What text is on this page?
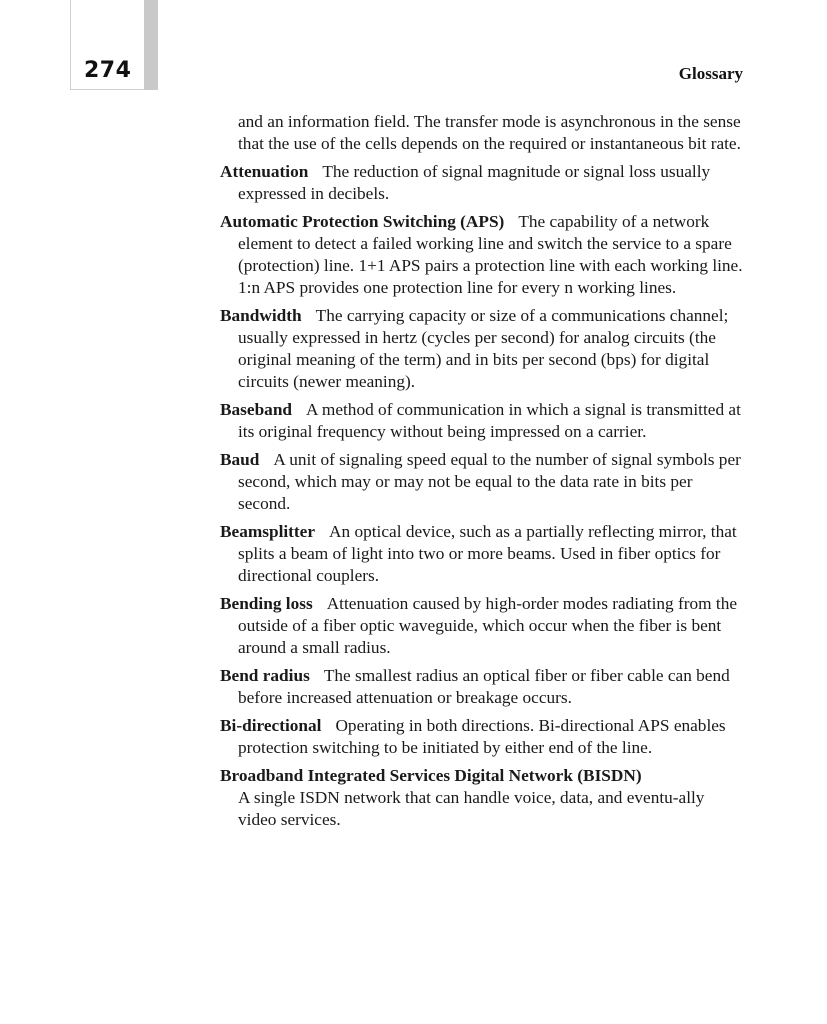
274	Glossary

and an information field. The transfer mode is asynchronous in the sense that the use of the cells depends on the required or instantaneous bit rate.

Attenuation The reduction of signal magnitude or signal loss usually expressed in decibels.

Automatic Protection Switching (APS) The capability of a network element to detect a failed working line and switch the service to a spare (protection) line. 1+1 APS pairs a protection line with each working line. 1:n APS provides one protection line for every n working lines.

Bandwidth The carrying capacity or size of a communications channel; usually expressed in hertz (cycles per second) for analog circuits (the original meaning of the term) and in bits per second (bps) for digital circuits (newer meaning).

Baseband A method of communication in which a signal is transmitted at its original frequency without being impressed on a carrier.

Baud A unit of signaling speed equal to the number of signal symbols per second, which may or may not be equal to the data rate in bits per second.

Beamsplitter An optical device, such as a partially reflecting mirror, that splits a beam of light into two or more beams. Used in fiber optics for directional couplers.

Bending loss Attenuation caused by high-order modes radiating from the outside of a fiber optic waveguide, which occur when the fiber is bent around a small radius.

Bend radius The smallest radius an optical fiber or fiber cable can bend before increased attenuation or breakage occurs.

Bi-directional Operating in both directions. Bi-directional APS enables protection switching to be initiated by either end of the line.

Broadband Integrated Services Digital Network (BISDN)
A single ISDN network that can handle voice, data, and eventu-ally video services.
